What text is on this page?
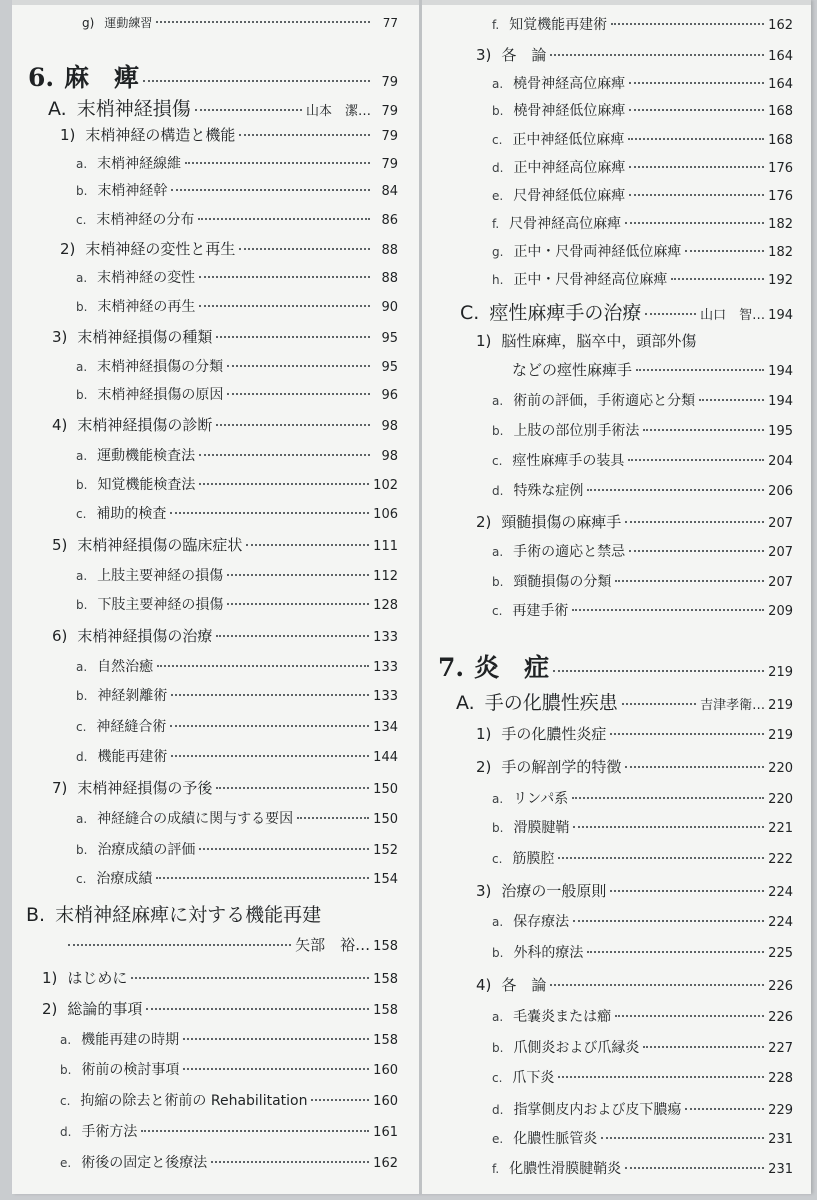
g) 運動練習	77
6. 麻　痺	79
A. 末梢神経損傷	山本　潔… 79
1) 末梢神経の構造と機能	79
a. 末梢神経線維	79
b. 末梢神経幹	84
c. 末梢神経の分布	86
2) 末梢神経の変性と再生	88
a. 末梢神経の変性	88
b. 末梢神経の再生	90
3) 末梢神経損傷の種類	95
a. 末梢神経損傷の分類	95
b. 末梢神経損傷の原因	96
4) 末梢神経損傷の診断	98
a. 運動機能検査法	98
b. 知覚機能検査法	102
c. 補助的検査	106
5) 末梢神経損傷の臨床症状	111
a. 上肢主要神経の損傷	112
b. 下肢主要神経の損傷	128
6) 末梢神経損傷の治療	133
a. 自然治癒	133
b. 神経剝離術	133
c. 神経縫合術	134
d. 機能再建術	144
7) 末梢神経損傷の予後	150
a. 神経縫合の成績に関与する要因	150
b. 治療成績の評価	152
c. 治療成績	154
B. 末梢神経麻痺に対する機能再建
矢部　裕… 158
1) はじめに	158
2) 総論的事項	158
a. 機能再建の時期	158
b. 術前の検討事項	160
c. 拘縮の除去と術前の Rehabilitation	160
d. 手術方法	161
e. 術後の固定と後療法	162
f. 知覚機能再建術	162
3) 各　論	164
a. 橈骨神経高位麻痺	164
b. 橈骨神経低位麻痺	168
c. 正中神経低位麻痺	168
d. 正中神経高位麻痺	176
e. 尺骨神経低位麻痺	176
f. 尺骨神経高位麻痺	182
g. 正中・尺骨両神経低位麻痺	182
h. 正中・尺骨神経高位麻痺	192
C. 痙性麻痺手の治療	山口　智… 194
1) 脳性麻痺，脳卒中，頭部外傷
などの痙性麻痺手	194
a. 術前の評価，手術適応と分類	194
b. 上肢の部位別手術法	195
c. 痙性麻痺手の装具	204
d. 特殊な症例	206
2) 頸髄損傷の麻痺手	207
a. 手術の適応と禁忌	207
b. 頸髄損傷の分類	207
c. 再建手術	209
7. 炎　症	219
A. 手の化膿性疾患	吉津孝衛… 219
1) 手の化膿性炎症	219
2) 手の解剖学的特徴	220
a. リンパ系	220
b. 滑膜腱鞘	221
c. 筋膜腔	222
3) 治療の一般原則	224
a. 保存療法	224
b. 外科的療法	225
4) 各　論	226
a. 毛嚢炎または癤	226
b. 爪側炎および爪縁炎	227
c. 爪下炎	228
d. 指掌側皮内および皮下膿瘍	229
e. 化膿性脈管炎	231
f. 化膿性滑膜腱鞘炎	231
